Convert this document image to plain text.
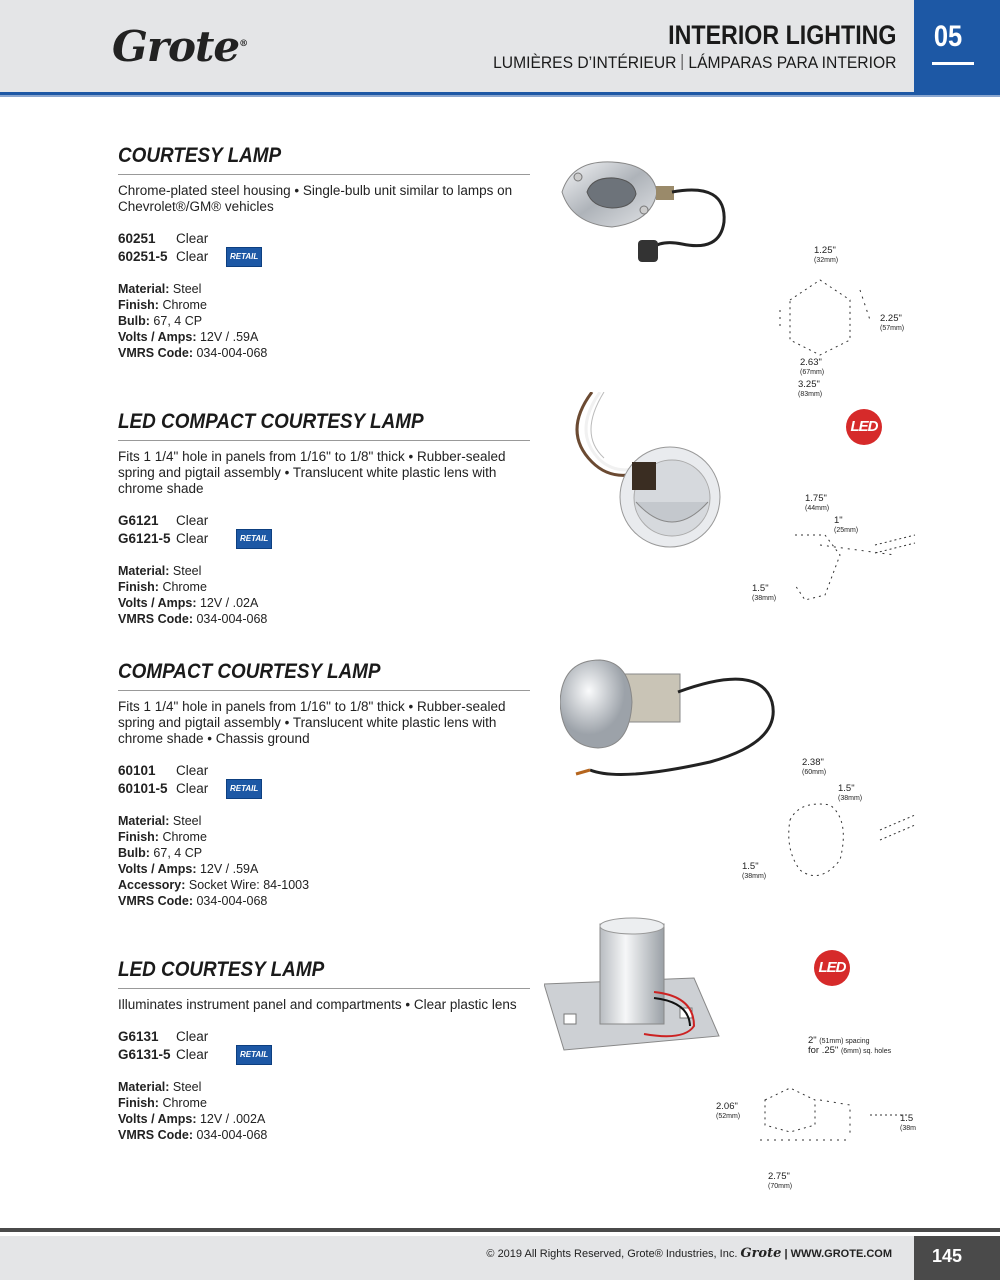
Grote®	INTERIOR LIGHTING
LUMIÈRES D’INTÉRIEUR LÁMPARAS PARA INTERIOR
05
COURTESY LAMP
Chrome-plated steel housing • Single-bulb unit similar to lamps on Chevrolet®/GM® vehicles
60251	Clear
60251-5 Clear	RETAIL
Material: Steel
Finish: Chrome
Bulb: 67, 4 CP
Volts / Amps: 12V / .59A
VMRS Code: 034-004-068
1.25"
(32mm)
2.25"
(57mm)
2.63"
(67mm)
3.25"
(83mm)
LED COMPACT COURTESY LAMP
Fits 1 1/4" hole in panels from 1/16" to 1/8" thick • Rubber-sealed spring and pigtail assembly • Translucent white plastic lens with chrome shade
G6121	Clear
G6121-5 Clear	RETAIL
Material: Steel
Finish: Chrome
Volts / Amps: 12V / .02A
VMRS Code: 034-004-068
LED
1.75"
(44mm)
1"
(25mm)
1.5"
(38mm)
COMPACT COURTESY LAMP
Fits 1 1/4" hole in panels from 1/16" to 1/8" thick • Rubber-sealed spring and pigtail assembly • Translucent white plastic lens with chrome shade • Chassis ground
60101	Clear
60101-5 Clear	RETAIL
Material: Steel
Finish: Chrome
Bulb: 67, 4 CP
Volts / Amps: 12V / .59A
Accessory: Socket Wire: 84-1003
VMRS Code: 034-004-068
2.38"
(60mm)
1.5"
(38mm)
1.5"
(38mm)
LED COURTESY LAMP
Illuminates instrument panel and compartments • Clear plastic lens
G6131	Clear
G6131-5 Clear	RETAIL
Material: Steel
Finish: Chrome
Volts / Amps: 12V / .002A
VMRS Code: 034-004-068
LED
2" (51mm) spacing
for .25" (6mm) sq. holes
2.06"
(52mm)	1.5
(38m
2.75"
(70mm)
© 2019 All Rights Reserved, Grote® Industries, Inc. Grote | WWW.GROTE.COM	145
